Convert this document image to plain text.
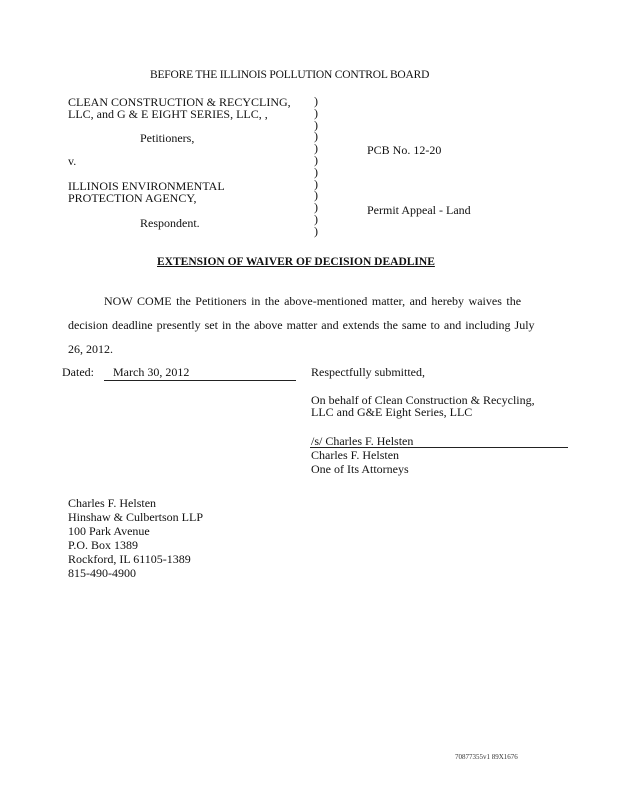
BEFORE THE ILLINOIS POLLUTION CONTROL BOARD
CLEAN CONSTRUCTION & RECYCLING,
LLC, and G & E EIGHT SERIES, LLC, ,
Petitioners,
v.
ILLINOIS ENVIRONMENTAL
PROTECTION AGENCY,
Respondent.
)
)
)
)
)
)
)
)
)
)
)
)
PCB No. 12-20
Permit Appeal - Land
EXTENSION OF WAIVER OF DECISION DEADLINE
NOW COME the Petitioners in the above-mentioned matter, and hereby waives the
decision deadline presently set in the above matter and extends the same to and including July
26, 2012.
Dated: March 30, 2012	Respectfully submitted,
On behalf of Clean Construction & Recycling,
LLC and G&E Eight Series, LLC
/s/ Charles F. Helsten
Charles F. Helsten
One of Its Attorneys
Charles F. Helsten
Hinshaw & Culbertson LLP
100 Park Avenue
P.O. Box 1389
Rockford, IL 61105-1389
815-490-4900
70877355v1 89X1676
